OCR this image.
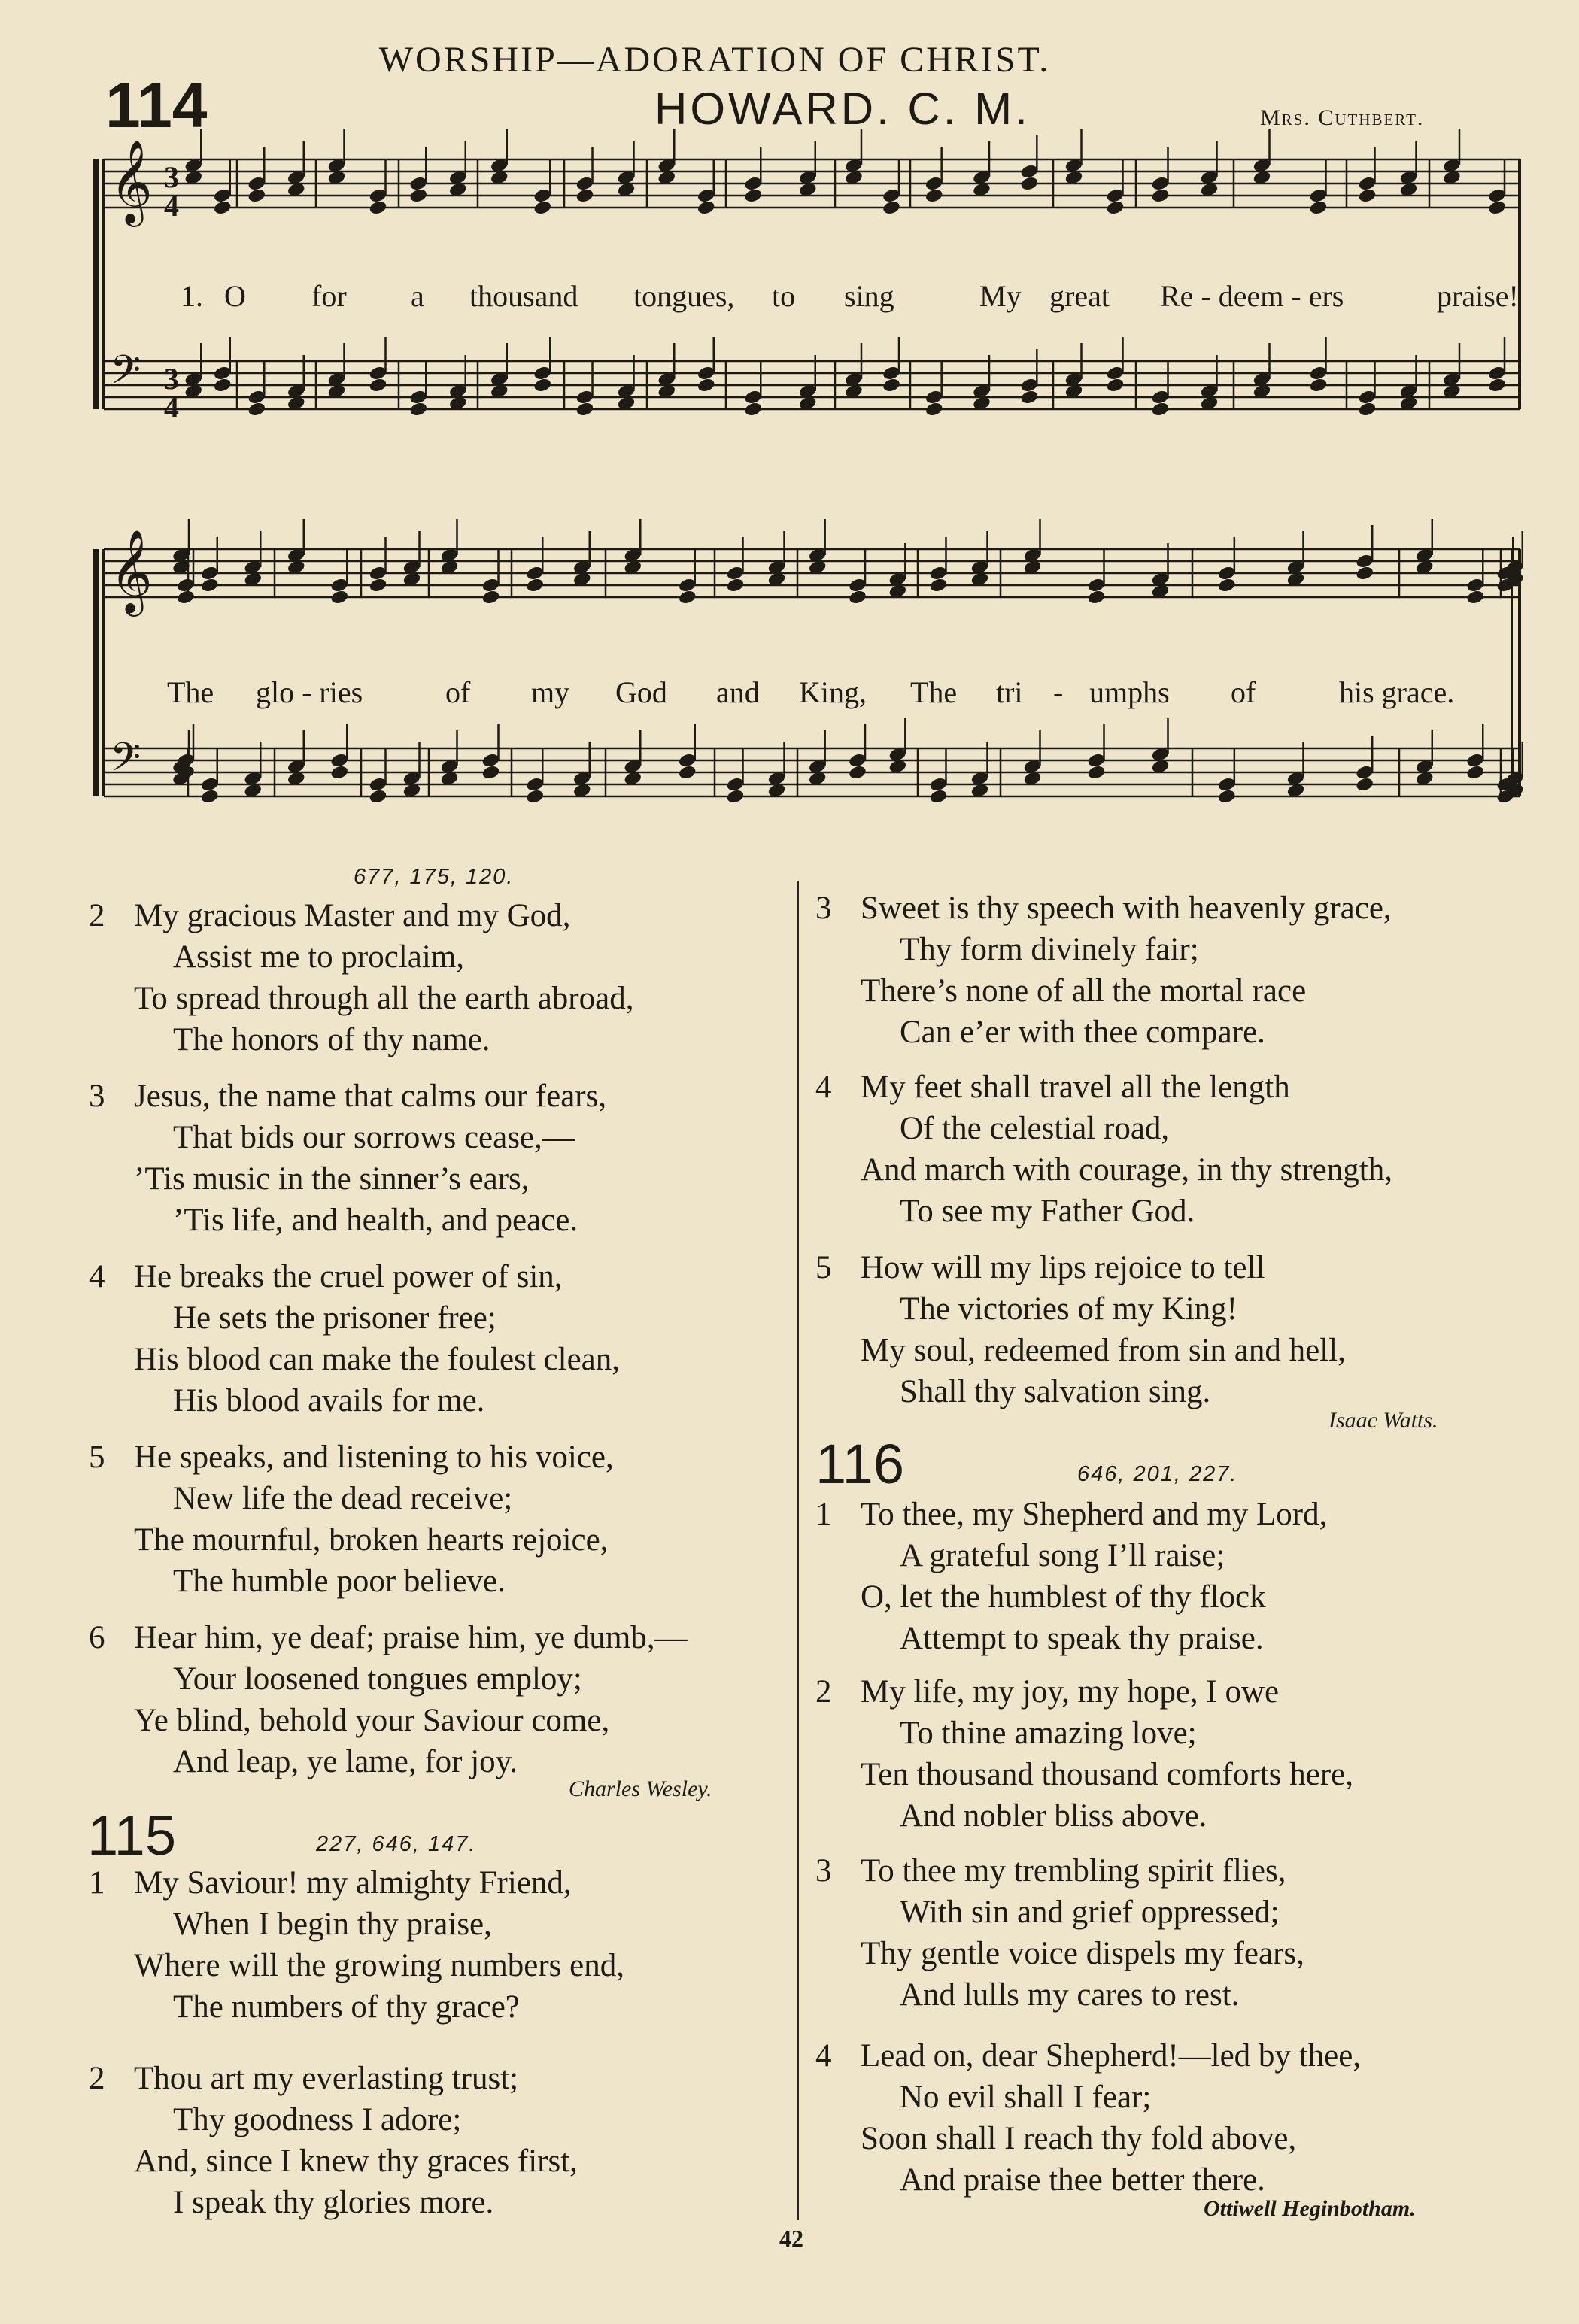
WORSHIP—ADORATION OF CHRIST.
114	HOWARD. C. M.	Mrs. Cuthbert.
𝄞
𝄢
𝄞
𝄢
3
4
3
4
1. O for a thousand tongues, to sing	My great Re - deem - ers	praise!
The glo - ries	of my God and King, The tri - umphs of	his grace.
677, 175, 120.
2 My gracious Master and my God,
Assist me to proclaim,
To spread through all the earth abroad,
The honors of thy name.
3 Jesus, the name that calms our fears,
That bids our sorrows cease,—
’Tis music in the sinner’s ears,
’Tis life, and health, and peace.
4 He breaks the cruel power of sin,
He sets the prisoner free;
His blood can make the foulest clean,
His blood avails for me.
5 He speaks, and listening to his voice,
New life the dead receive;
The mournful, broken hearts rejoice,
The humble poor believe.
6 Hear him, ye deaf; praise him, ye dumb,—
Your loosened tongues employ;
Ye blind, behold your Saviour come,
And leap, ye lame, for joy.
Charles Wesley.
115	227, 646, 147.
1 My Saviour! my almighty Friend,
When I begin thy praise,
Where will the growing numbers end,
The numbers of thy grace?
2 Thou art my everlasting trust;
Thy goodness I adore;
And, since I knew thy graces first,
I speak thy glories more.
3 Sweet is thy speech with heavenly grace,
Thy form divinely fair;
There’s none of all the mortal race
Can e’er with thee compare.
4 My feet shall travel all the length
Of the celestial road,
And march with courage, in thy strength,
To see my Father God.
5 How will my lips rejoice to tell
The victories of my King!
My soul, redeemed from sin and hell,
Shall thy salvation sing.
Isaac Watts.
116	646, 201, 227.
1 To thee, my Shepherd and my Lord,
A grateful song I’ll raise;
O, let the humblest of thy flock
Attempt to speak thy praise.
2 My life, my joy, my hope, I owe
To thine amazing love;
Ten thousand thousand comforts here,
And nobler bliss above.
3 To thee my trembling spirit flies,
With sin and grief oppressed;
Thy gentle voice dispels my fears,
And lulls my cares to rest.
4 Lead on, dear Shepherd!—led by thee,
No evil shall I fear;
Soon shall I reach thy fold above,
And praise thee better there.
Ottiwell Heginbotham.
42
